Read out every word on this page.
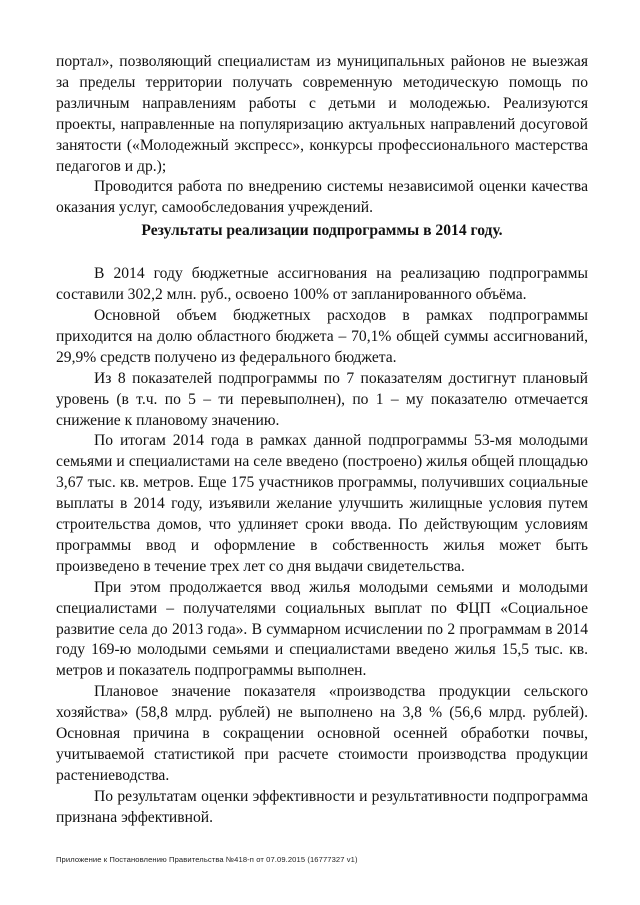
портал», позволяющий специалистам из муниципальных районов не выезжая за пределы территории получать современную методическую помощь по различным направлениям работы с детьми и молодежью. Реализуются проекты, направленные на популяризацию актуальных направлений досуговой занятости («Молодежный экспресс», конкурсы профессионального мастерства педагогов и др.);

Проводится работа по внедрению системы независимой оценки качества оказания услуг, самообследования учреждений.

Результаты реализации подпрограммы в 2014 году.

В 2014 году бюджетные ассигнования на реализацию подпрограммы составили 302,2 млн. руб., освоено 100% от запланированного объёма.

Основной объем бюджетных расходов в рамках подпрограммы приходится на долю областного бюджета – 70,1% общей суммы ассигнований, 29,9% средств получено из федерального бюджета.

Из 8 показателей подпрограммы по 7 показателям достигнут плановый уровень (в т.ч. по 5 – ти перевыполнен), по 1 – му показателю отмечается снижение к плановому значению.

По итогам 2014 года в рамках данной подпрограммы 53-мя молодыми семьями и специалистами на селе введено (построено) жилья общей площадью 3,67 тыс. кв. метров. Еще 175 участников программы, получивших социальные выплаты в 2014 году, изъявили желание улучшить жилищные условия путем строительства домов, что удлиняет сроки ввода. По действующим условиям программы ввод и оформление в собственность жилья может быть произведено в течение трех лет со дня выдачи свидетельства.

При этом продолжается ввод жилья молодыми семьями и молодыми специалистами – получателями социальных выплат по ФЦП «Социальное развитие села до 2013 года». В суммарном исчислении по 2 программам в 2014 году 169-ю молодыми семьями и специалистами введено жилья 15,5 тыс. кв. метров и показатель подпрограммы выполнен.

Плановое значение показателя «производства продукции сельского хозяйства» (58,8 млрд. рублей) не выполнено на 3,8 % (56,6 млрд. рублей). Основная причина в сокращении основной осенней обработки почвы, учитываемой статистикой при расчете стоимости производства продукции растениеводства.

По результатам оценки эффективности и результативности подпрограмма признана эффективной.

Приложение к Постановлению Правительства №418-п от 07.09.2015 (16777327 v1)
